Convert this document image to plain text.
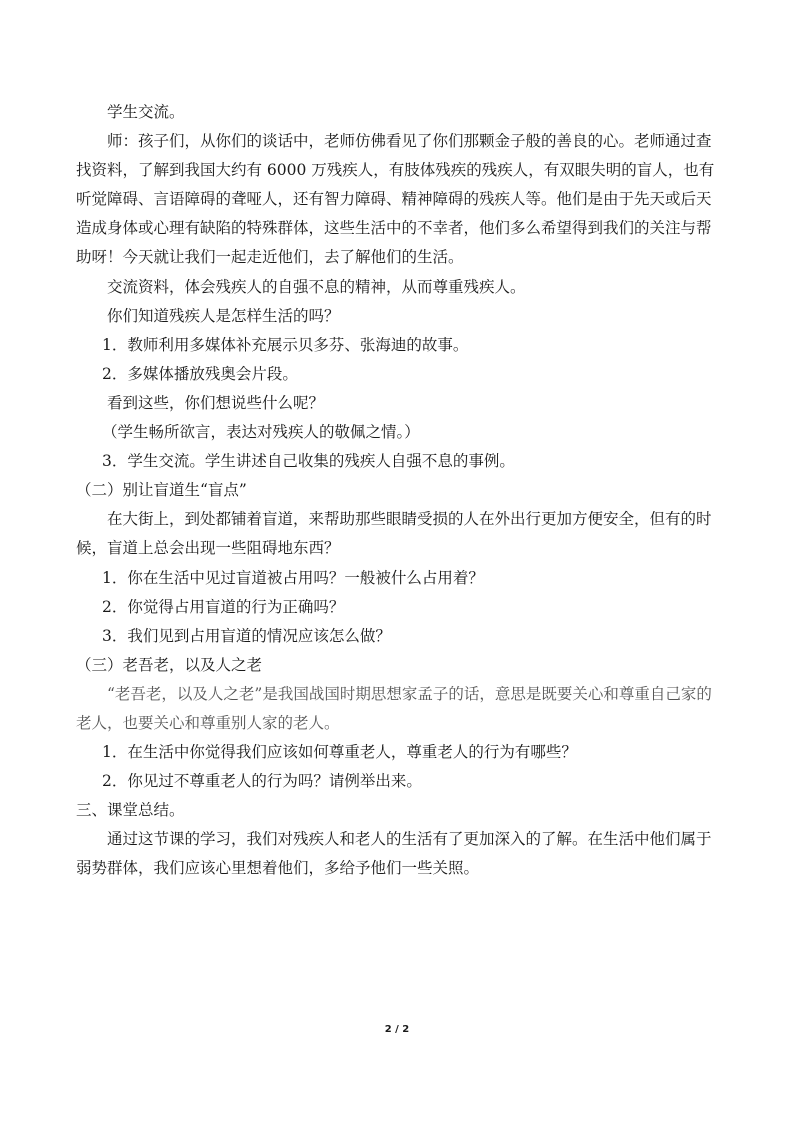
学生交流。

师：孩子们，从你们的谈话中，老师仿佛看见了你们那颗金子般的善良的心。老师通过查找资料，了解到我国大约有 6000 万残疾人，有肢体残疾的残疾人，有双眼失明的盲人，也有听觉障碍、言语障碍的聋哑人，还有智力障碍、精神障碍的残疾人等。他们是由于先天或后天造成身体或心理有缺陷的特殊群体，这些生活中的不幸者，他们多么希望得到我们的关注与帮助呀！今天就让我们一起走近他们，去了解他们的生活。

交流资料，体会残疾人的自强不息的精神，从而尊重残疾人。

你们知道残疾人是怎样生活的吗？

1．教师利用多媒体补充展示贝多芬、张海迪的故事。

2．多媒体播放残奥会片段。

看到这些，你们想说些什么呢？

（学生畅所欲言，表达对残疾人的敬佩之情。）

3．学生交流。学生讲述自己收集的残疾人自强不息的事例。

（二）别让盲道生“盲点”

在大街上，到处都铺着盲道，来帮助那些眼睛受损的人在外出行更加方便安全，但有的时候，盲道上总会出现一些阻碍地东西？

1．你在生活中见过盲道被占用吗？一般被什么占用着？

2．你觉得占用盲道的行为正确吗？

3．我们见到占用盲道的情况应该怎么做？

（三）老吾老，以及人之老

“老吾老，以及人之老”是我国战国时期思想家孟子的话，意思是既要关心和尊重自己家的老人，也要关心和尊重别人家的老人。

1．在生活中你觉得我们应该如何尊重老人，尊重老人的行为有哪些？

2．你见过不尊重老人的行为吗？请例举出来。

三、课堂总结。

通过这节课的学习，我们对残疾人和老人的生活有了更加深入的了解。在生活中他们属于弱势群体，我们应该心里想着他们，多给予他们一些关照。

2 / 2
